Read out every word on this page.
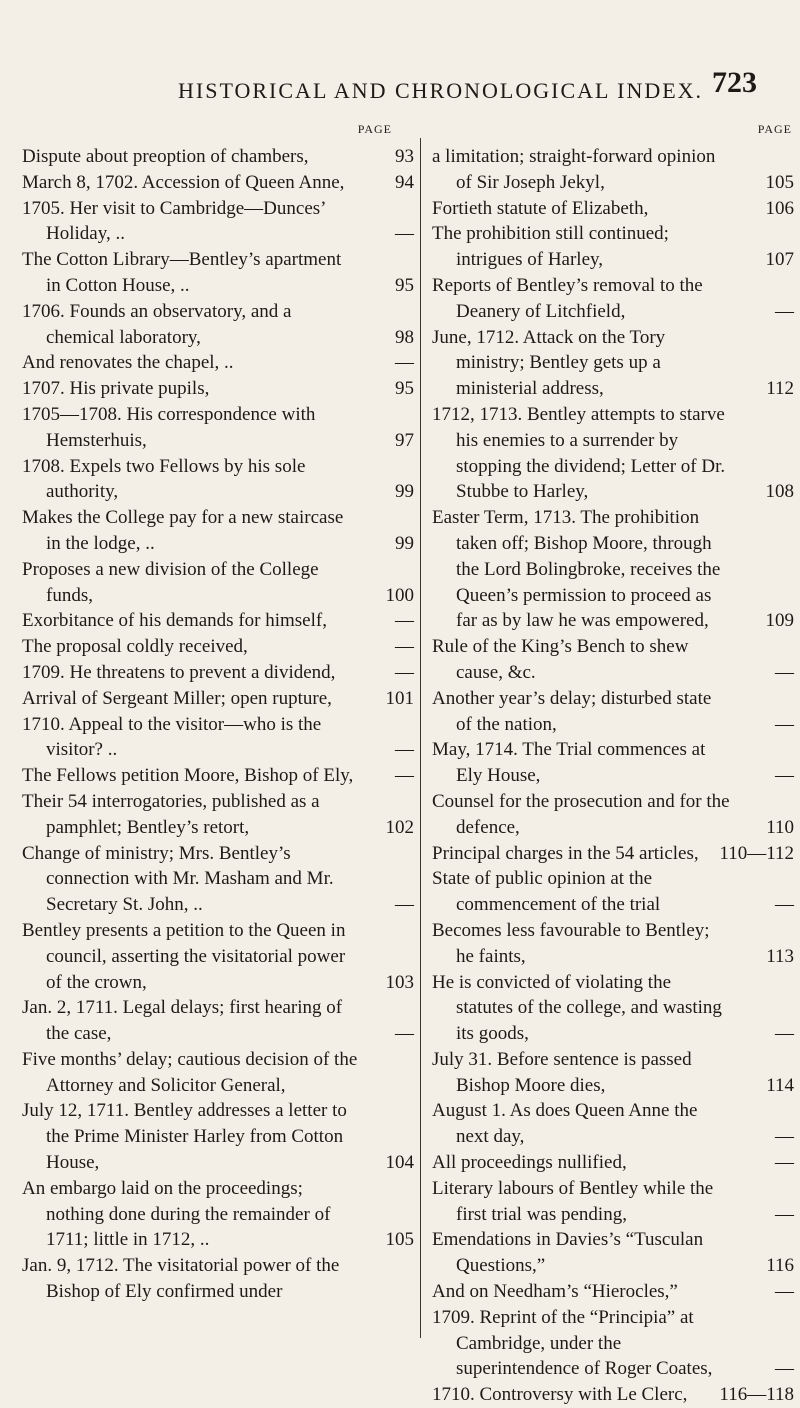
HISTORICAL AND CHRONOLOGICAL INDEX. 723
PAGE
Dispute about preoption of chambers,	93
March 8, 1702. Accession of Queen Anne,	94
1705. Her visit to Cambridge—Dunces’ Holiday, ..	—
The Cotton Library—Bentley’s apartment in Cotton House, ..	95
1706. Founds an observatory, and a chemical laboratory,	98
And renovates the chapel, ..	—
1707. His private pupils,	95
1705—1708. His correspondence with Hemsterhuis,	97
1708. Expels two Fellows by his sole authority,	99
Makes the College pay for a new staircase in the lodge, ..	99
Proposes a new division of the College funds,	100
Exorbitance of his demands for himself,	—
The proposal coldly received,	—
1709. He threatens to prevent a dividend,	—
Arrival of Sergeant Miller; open rupture,	101
1710. Appeal to the visitor—who is the visitor? ..	—
The Fellows petition Moore, Bishop of Ely,	—
Their 54 interrogatories, published as a pamphlet; Bentley’s retort,	102
Change of ministry; Mrs. Bentley’s connection with Mr. Masham and Mr. Secretary St. John, ..	—
Bentley presents a petition to the Queen in council, asserting the visitatorial power of the crown,	103
Jan. 2, 1711. Legal delays; first hearing of the case,	—
Five months’ delay; cautious decision of the Attorney and Solicitor General,
July 12, 1711. Bentley addresses a letter to the Prime Minister Harley from Cotton House,	104
An embargo laid on the proceedings; nothing done during the remainder of 1711; little in 1712, ..	105
Jan. 9, 1712. The visitatorial power of the Bishop of Ely confirmed under
PAGE
a limitation; straight-forward opinion of Sir Joseph Jekyl,	105
Fortieth statute of Elizabeth,	106
The prohibition still continued; intrigues of Harley,	107
Reports of Bentley’s removal to the Deanery of Litchfield,	—
June, 1712. Attack on the Tory ministry; Bentley gets up a ministerial address,	112
1712, 1713. Bentley attempts to starve his enemies to a surrender by stopping the dividend; Letter of Dr. Stubbe to Harley,	108
Easter Term, 1713. The prohibition taken off; Bishop Moore, through the Lord Bolingbroke, receives the Queen’s permission to proceed as far as by law he was empowered,	109
Rule of the King’s Bench to shew cause, &c.	—
Another year’s delay; disturbed state of the nation,	—
May, 1714. The Trial commences at Ely House,	—
Counsel for the prosecution and for the defence,	110
Principal charges in the 54 articles,	110—112
State of public opinion at the commencement of the trial	—
Becomes less favourable to Bentley; he faints,	113
He is convicted of violating the statutes of the college, and wasting its goods,	—
July 31. Before sentence is passed Bishop Moore dies,	114
August 1. As does Queen Anne the next day,	—
All proceedings nullified,	—
Literary labours of Bentley while the first trial was pending,	—
Emendations in Davies’s “Tusculan Questions,”	116
And on Needham’s “Hierocles,”	—
1709. Reprint of the “Principia” at Cambridge, under the superintendence of Roger Coates,	—
1710. Controversy with Le Clerc,	116—118
